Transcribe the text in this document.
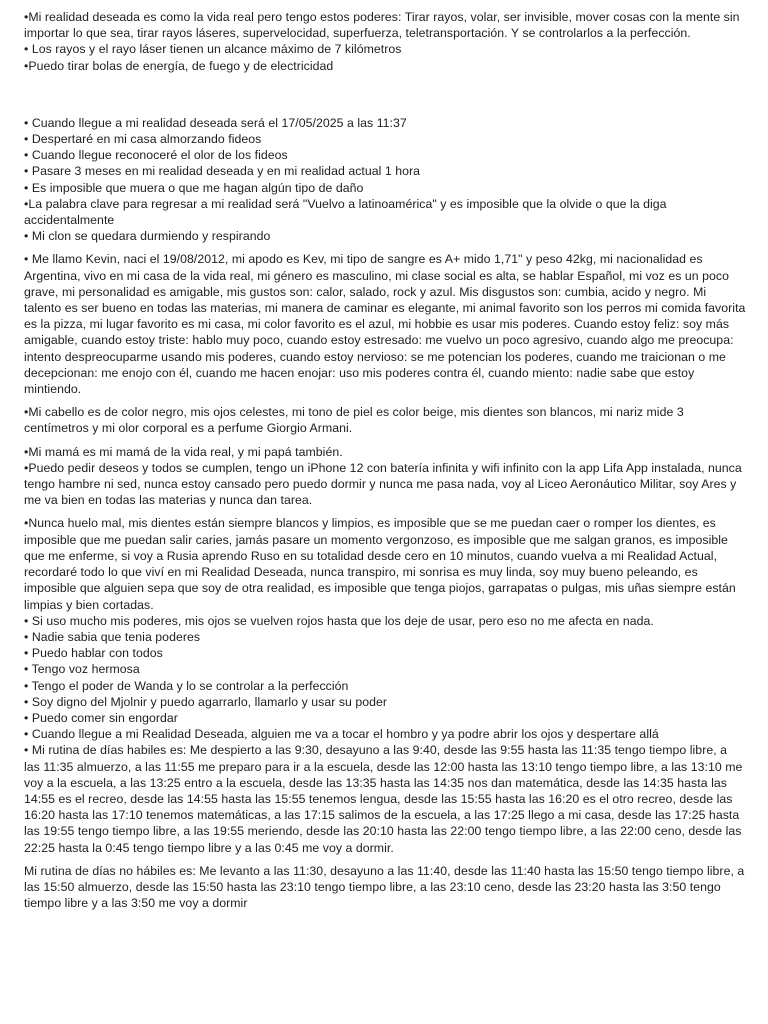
•Mi realidad deseada es como la vida real pero tengo estos poderes: Tirar rayos, volar, ser invisible, mover cosas con la mente sin importar lo que sea, tirar rayos láseres, supervelocidad, superfuerza, teletransportación. Y se controlarlos a la perfección.
• Los rayos y el rayo láser tienen un alcance máximo de 7 kilómetros
•Puedo tirar bolas de energía, de fuego y de electricidad
• Cuando llegue a mi realidad deseada será el 17/05/2025 a las 11:37
• Despertaré en mi casa almorzando fideos
• Cuando llegue reconoceré el olor de los fideos
• Pasare 3 meses en mi realidad deseada y en mi realidad actual 1 hora
• Es imposible que muera o que me hagan algún tipo de daño
•La palabra clave para regresar a mi realidad será "Vuelvo a latinoamérica" y es imposible que la olvide o que la diga accidentalmente
• Mi clon se quedara durmiendo y respirando
• Me llamo Kevin, naci el 19/08/2012, mi apodo es Kev, mi tipo de sangre es A+ mido 1,71" y peso 42kg, mi nacionalidad es Argentina, vivo en mi casa de la vida real, mi género es masculino, mi clase social es alta, se hablar Español, mi voz es un poco grave, mi personalidad es amigable, mis gustos son: calor, salado, rock y azul. Mis disgustos son: cumbia, acido y negro. Mi talento es ser bueno en todas las materias, mi manera de caminar es elegante, mi animal favorito son los perros mi comida favorita es la pizza, mi lugar favorito es mi casa, mi color favorito es el azul, mi hobbie es usar mis poderes. Cuando estoy feliz: soy más amigable, cuando estoy triste: hablo muy poco, cuando estoy estresado: me vuelvo un poco agresivo, cuando algo me preocupa: intento despreocuparme usando mis poderes, cuando estoy nervioso: se me potencian los poderes, cuando me traicionan o me decepcionan: me enojo con él, cuando me hacen enojar: uso mis poderes contra él, cuando miento: nadie sabe que estoy mintiendo.
•Mi cabello es de color negro, mis ojos celestes, mi tono de piel es color beige, mis dientes son blancos, mi nariz mide 3 centímetros y mi olor corporal es a perfume Giorgio Armani.
•Mi mamá es mi mamá de la vida real, y mi papá también.
•Puedo pedir deseos y todos se cumplen, tengo un iPhone 12 con batería infinita y wifi infinito con la app Lifa App instalada, nunca tengo hambre ni sed, nunca estoy cansado pero puedo dormir y nunca me pasa nada, voy al Liceo Aeronáutico Militar, soy Ares y me va bien en todas las materias y nunca dan tarea.
•Nunca huelo mal, mis dientes están siempre blancos y limpios, es imposible que se me puedan caer o romper los dientes, es imposible que me puedan salir caries, jamás pasare un momento vergonzoso, es imposible que me salgan granos, es imposible que me enferme, si voy a Rusia aprendo Ruso en su totalidad desde cero en 10 minutos, cuando vuelva a mi Realidad Actual, recordaré todo lo que viví en mi Realidad Deseada, nunca transpiro, mi sonrisa es muy linda, soy muy bueno peleando, es imposible que alguien sepa que soy de otra realidad, es imposible que tenga piojos, garrapatas o pulgas, mis uñas siempre están limpias y bien cortadas.
• Si uso mucho mis poderes, mis ojos se vuelven rojos hasta que los deje de usar, pero eso no me afecta en nada.
• Nadie sabia que tenia poderes
• Puedo hablar con todos
• Tengo voz hermosa
• Tengo el poder de Wanda y lo se controlar a la perfección
• Soy digno del Mjolnir y puedo agarrarlo, llamarlo y usar su poder
• Puedo comer sin engordar
• Cuando llegue a mi Realidad Deseada, alguien me va a tocar el hombro y ya podre abrir los ojos y despertare allá
• Mi rutina de días habiles es: Me despierto a las 9:30, desayuno a las 9:40, desde las 9:55 hasta las 11:35 tengo tiempo libre, a las 11:35 almuerzo, a las 11:55 me preparo para ir a la escuela, desde las 12:00 hasta las 13:10 tengo tiempo libre, a las 13:10 me voy a la escuela, a las 13:25 entro a la escuela, desde las 13:35 hasta las 14:35 nos dan matemática, desde las 14:35 hasta las 14:55 es el recreo, desde las 14:55 hasta las 15:55 tenemos lengua, desde las 15:55 hasta las 16:20 es el otro recreo, desde las 16:20 hasta las 17:10 tenemos matemáticas, a las 17:15 salimos de la escuela, a las 17:25 llego a mi casa, desde las 17:25 hasta las 19:55 tengo tiempo libre, a las 19:55 meriendo, desde las 20:10 hasta las 22:00 tengo tiempo libre, a las 22:00 ceno, desde las 22:25 hasta la 0:45 tengo tiempo libre y a las 0:45 me voy a dormir.
Mi rutina de días no hábiles es: Me levanto a las 11:30, desayuno a las 11:40, desde las 11:40 hasta las 15:50 tengo tiempo libre, a las 15:50 almuerzo, desde las 15:50 hasta las 23:10 tengo tiempo libre, a las 23:10 ceno, desde las 23:20 hasta las 3:50 tengo tiempo libre y a las 3:50 me voy a dormir
